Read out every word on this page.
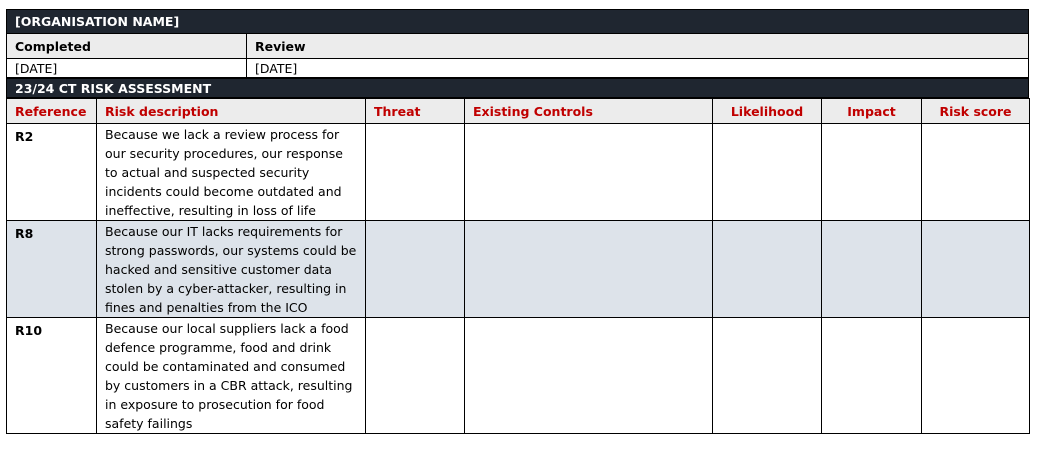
[ORGANISATION NAME]
Completed	Review
[DATE]	[DATE]
23/24 CT RISK ASSESSMENT
Reference	Risk description	Threat	Existing Controls	Likelihood	Impact	Risk score
R2	Because we lack a review process for our security procedures, our response to actual and suspected security incidents could become outdated and ineffective, resulting in loss of life					
R8	Because our IT lacks requirements for strong passwords, our systems could be hacked and sensitive customer data stolen by a cyber-attacker, resulting in fines and penalties from the ICO					
R10	Because our local suppliers lack a food defence programme, food and drink could be contaminated and consumed by customers in a CBR attack, resulting in exposure to prosecution for food safety failings					
